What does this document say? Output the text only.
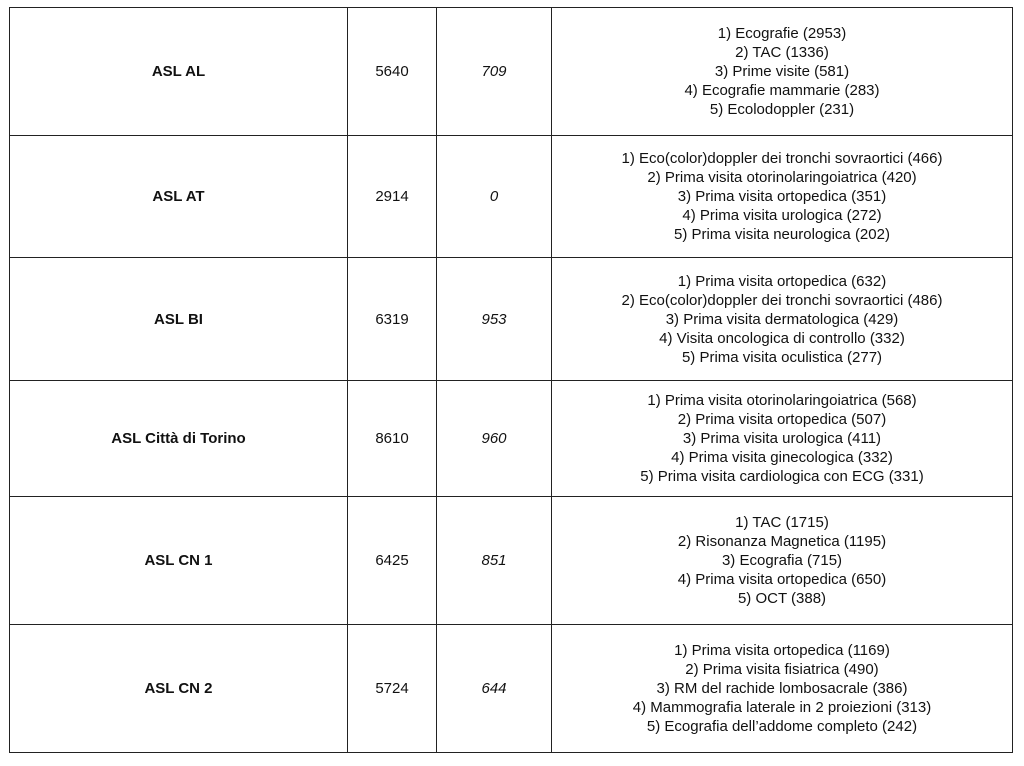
ASL AL	5640	709	1) Ecografie (2953)
2) TAC (1336)
3) Prime visite (581)
4) Ecografie mammarie (283)
5) Ecolodoppler (231)

ASL AT	2914	0	1) Eco(color)doppler dei tronchi sovraortici (466)
2) Prima visita otorinolaringoiatrica (420)
3) Prima visita ortopedica (351)
4) Prima visita urologica (272)
5) Prima visita neurologica (202)

ASL BI	6319	953	1) Prima visita ortopedica (632)
2) Eco(color)doppler dei tronchi sovraortici (486)
3) Prima visita dermatologica (429)
4) Visita oncologica di controllo (332)
5) Prima visita oculistica (277)

ASL Città di Torino	8610	960	1) Prima visita otorinolaringoiatrica (568)
2) Prima visita ortopedica (507)
3) Prima visita urologica (411)
4) Prima visita ginecologica (332)
5) Prima visita cardiologica con ECG (331)

ASL CN 1	6425	851	1) TAC (1715)
2) Risonanza Magnetica (1195)
3) Ecografia (715)
4) Prima visita ortopedica (650)
5) OCT (388)

ASL CN 2	5724	644	1) Prima visita ortopedica (1169)
2) Prima visita fisiatrica (490)
3) RM del rachide lombosacrale (386)
4) Mammografia laterale in 2 proiezioni (313)
5) Ecografia dell’addome completo (242)
